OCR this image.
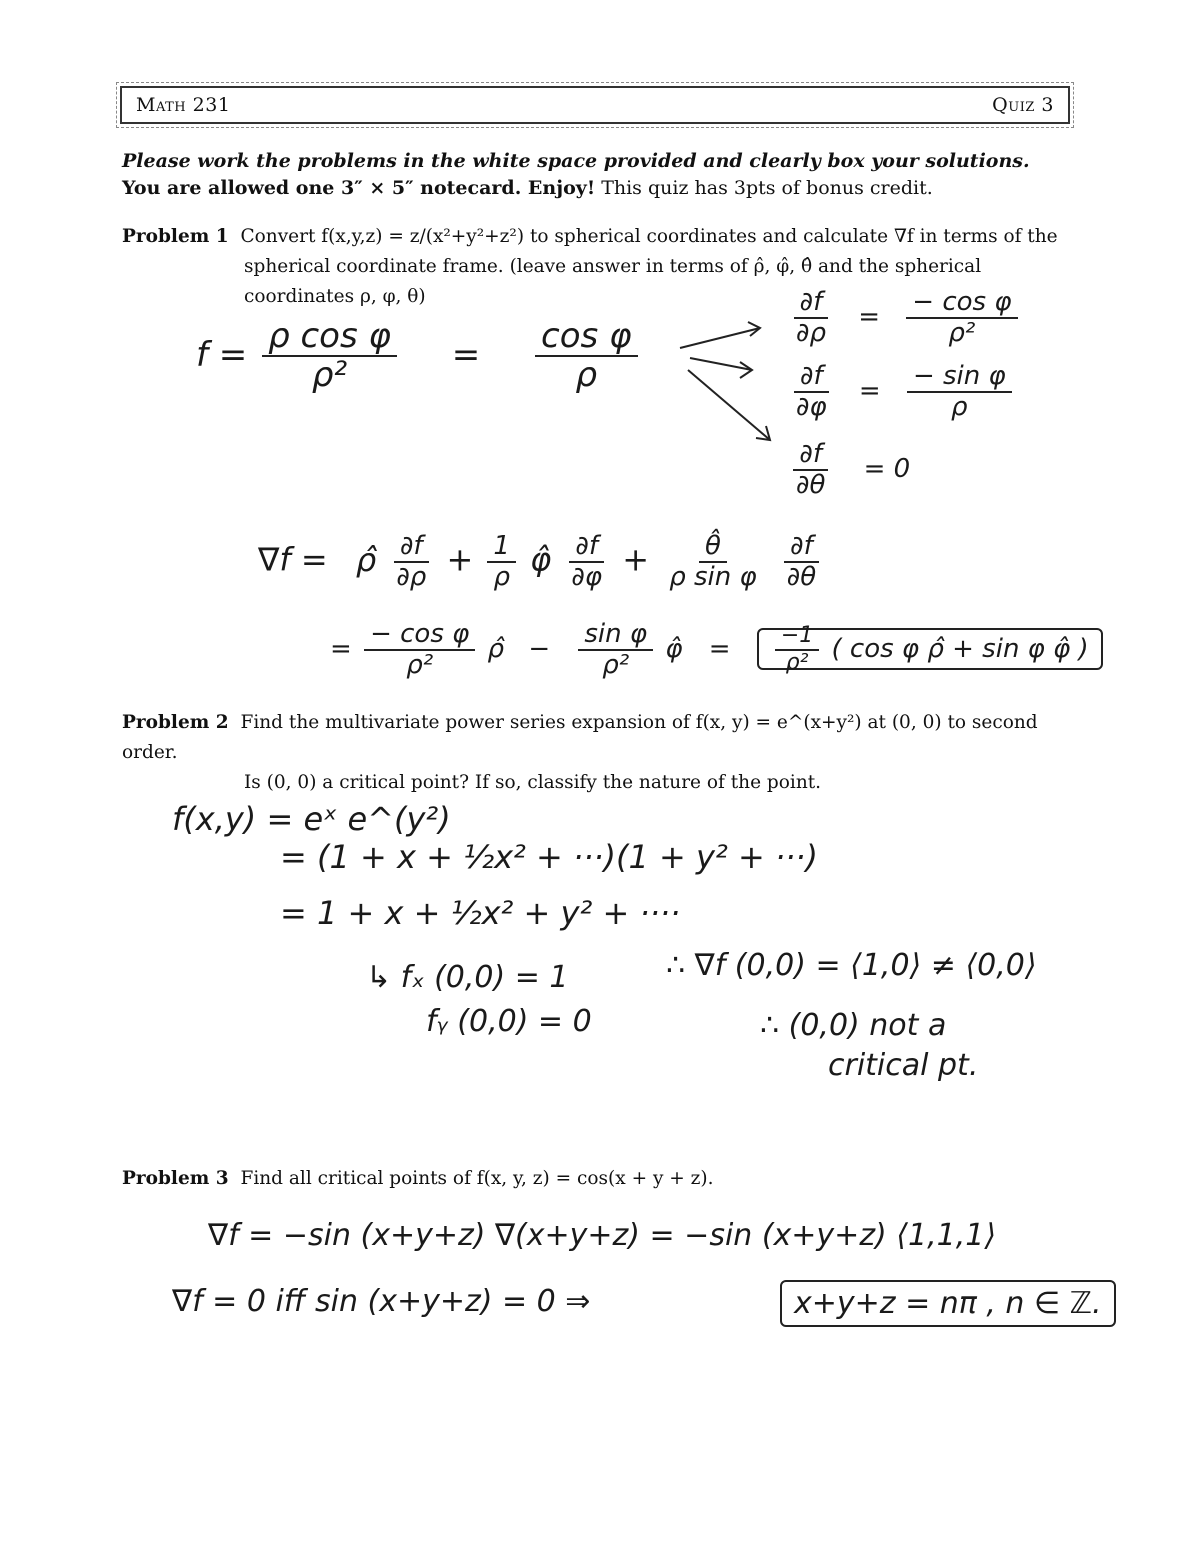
Math 231	Quiz 3
Please work the problems in the white space provided and clearly box your solutions. You are allowed one 3″ × 5″ notecard. Enjoy! This quiz has 3pts of bonus credit.
Problem 1 Convert f(x,y,z) = z/(x²+y²+z²) to spherical coordinates and calculate ∇f in terms of the
spherical coordinate frame. (leave answer in terms of ρ̂, φ̂, θ̂ and the spherical coordinates ρ, φ, θ)
$f = \frac{\text{ρ cos φ}}{\text{ρ²}} = \frac{\text{cos φ}}{\rho}$
$\frac{\partial f}{\partial\rho} = \frac{\text{− cos φ}}{\text{ρ²}}$
$\frac{\partial f}{\partial\varphi} = \frac{\text{− sin φ}}{\rho}$
$\frac{\partial f}{\partial\theta} = 0$
∇f = ρ̂ $\frac{\partial f}{\partial\rho} + \frac{1}{\rho}$ φ̂ $\frac{\partial f}{\partial\varphi} + \frac{\thetâ}{\text{ρ sin φ}}$
$\frac{\partial f}{\partial\theta}$
= $\frac{\text{− cos φ}}{\text{ρ²}}$ ρ̂ − $\frac{\text{sin φ}}{\text{ρ²}}$ φ̂ = $\frac{-1}{\text{ρ²}}$ ( cos φ ρ̂ + sin φ φ̂ )
Problem 2 Find the multivariate power series expansion of f(x, y) = e^(x+y²) at (0, 0) to second order.
Is (0, 0) a critical point? If so, classify the nature of the point.
f(x,y) = eˣ e^(y²)
= (1 + x + ½x² + ···)(1 + y² + ···)
= 1 + x + ½x² + y² + ····
↳ fₓ (0,0) = 1
fᵧ (0,0) = 0
∴ ∇f (0,0) = ⟨1,0⟩ ≠ ⟨0,0⟩
∴ (0,0) not a
critical pt.
Problem 3 Find all critical points of f(x, y, z) = cos(x + y + z).
∇f = −sin (x+y+z) ∇(x+y+z) = −sin (x+y+z) ⟨1,1,1⟩
∇f = 0 iff sin (x+y+z) = 0 ⇒	x+y+z = nπ , n ∈ ℤ.
